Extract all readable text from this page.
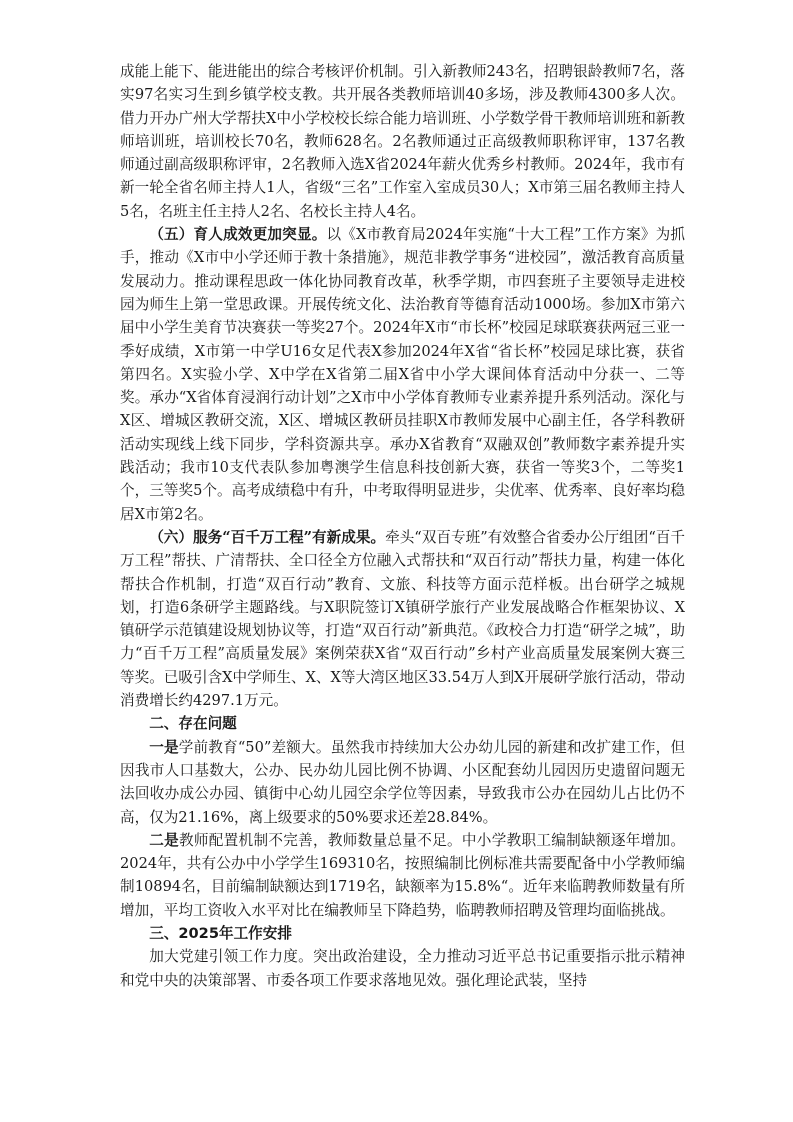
成能上能下、能进能出的综合考核评价机制。引入新教师243名，招聘银龄教师7名，落实97名实习生到乡镇学校支教。共开展各类教师培训40多场，涉及教师4300多人次。借力开办广州大学帮扶X中小学校校长综合能力培训班、小学数学骨干教师培训班和新教师培训班，培训校长70名，教师628名。2名教师通过正高级教师职称评审，137名教师通过副高级职称评审，2名教师入选X省2024年薪火优秀乡村教师。2024年，我市有新一轮全省名师主持人1人，省级“三名”工作室入室成员30人；X市第三届名教师主持人5名，名班主任主持人2名、名校长主持人4名。

（五）育人成效更加突显。以《X市教育局2024年实施“十大工程”工作方案》为抓手，推动《X市中小学还师于教十条措施》，规范非教学事务“进校园”，激活教育高质量发展动力。推动课程思政一体化协同教育改革，秋季学期，市四套班子主要领导走进校园为师生上第一堂思政课。开展传统文化、法治教育等德育活动1000场。参加X市第六届中小学生美育节决赛获一等奖27个。2024年X市“市长杯”校园足球联赛获两冠三亚一季好成绩，X市第一中学U16女足代表X参加2024年X省“省长杯”校园足球比赛，获省第四名。X实验小学、X中学在X省第二届X省中小学大课间体育活动中分获一、二等奖。承办“X省体育浸润行动计划”之X市中小学体育教师专业素养提升系列活动。深化与X区、增城区教研交流，X区、增城区教研员挂职X市教师发展中心副主任，各学科教研活动实现线上线下同步，学科资源共享。承办X省教育“双融双创”教师数字素养提升实践活动；我市10支代表队参加粤澳学生信息科技创新大赛，获省一等奖3个，二等奖1个，三等奖5个。高考成绩稳中有升，中考取得明显进步，尖优率、优秀率、良好率均稳居X市第2名。

（六）服务“百千万工程”有新成果。牵头“双百专班”有效整合省委办公厅组团“百千万工程”帮扶、广清帮扶、全口径全方位融入式帮扶和“双百行动”帮扶力量，构建一体化帮扶合作机制，打造“双百行动”教育、文旅、科技等方面示范样板。出台研学之城规划，打造6条研学主题路线。与X职院签订X镇研学旅行产业发展战略合作框架协议、X镇研学示范镇建设规划协议等，打造“双百行动”新典范。《政校合力打造“研学之城”，助力“百千万工程”高质量发展》案例荣获X省“双百行动”乡村产业高质量发展案例大赛三等奖。已吸引含X中学师生、X、X等大湾区地区33.54万人到X开展研学旅行活动，带动消费增长约4297.1万元。

二、存在问题

一是学前教育“50”差额大。虽然我市持续加大公办幼儿园的新建和改扩建工作，但因我市人口基数大，公办、民办幼儿园比例不协调、小区配套幼儿园因历史遗留问题无法回收办成公办园、镇街中心幼儿园空余学位等因素，导致我市公办在园幼儿占比仍不高，仅为21.16%，离上级要求的50%要求还差28.84%。

二是教师配置机制不完善，教师数量总量不足。中小学教职工编制缺额逐年增加。2024年，共有公办中小学学生169310名，按照编制比例标准共需要配备中小学教师编制10894名，目前编制缺额达到1719名，缺额率为15.8%“。近年来临聘教师数量有所增加，平均工资收入水平对比在编教师呈下降趋势，临聘教师招聘及管理均面临挑战。

三、2025年工作安排

加大党建引领工作力度。突出政治建设，全力推动习近平总书记重要指示批示精神和党中央的决策部署、市委各项工作要求落地见效。强化理论武装，坚持
